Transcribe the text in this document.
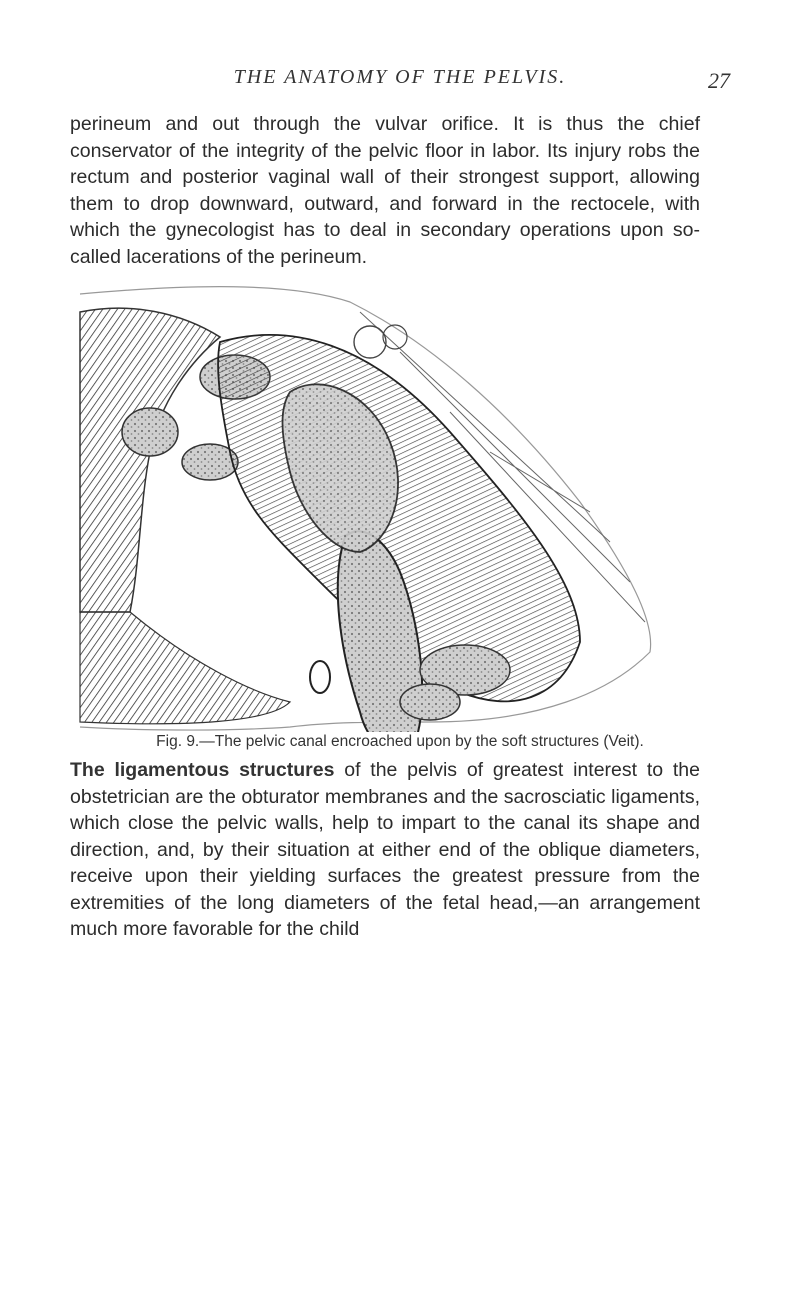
THE ANATOMY OF THE PELVIS.	27

perineum and out through the vulvar orifice. It is thus the chief conservator of the integrity of the pelvic floor in labor. Its injury robs the rectum and posterior vaginal wall of their strongest support, allowing them to drop downward, outward, and forward in the rectocele, with which the gynecologist has to deal in secondary operations upon so-called lacerations of the perineum.

Fig. 9.—The pelvic canal encroached upon by the soft structures (Veit).

The ligamentous structures of the pelvis of greatest interest to the obstetrician are the obturator membranes and the sacrosciatic ligaments, which close the pelvic walls, help to impart to the canal its shape and direction, and, by their situation at either end of the oblique diameters, receive upon their yielding surfaces the greatest pressure from the extremities of the long diameters of the fetal head,—an arrangement much more favorable for the child
